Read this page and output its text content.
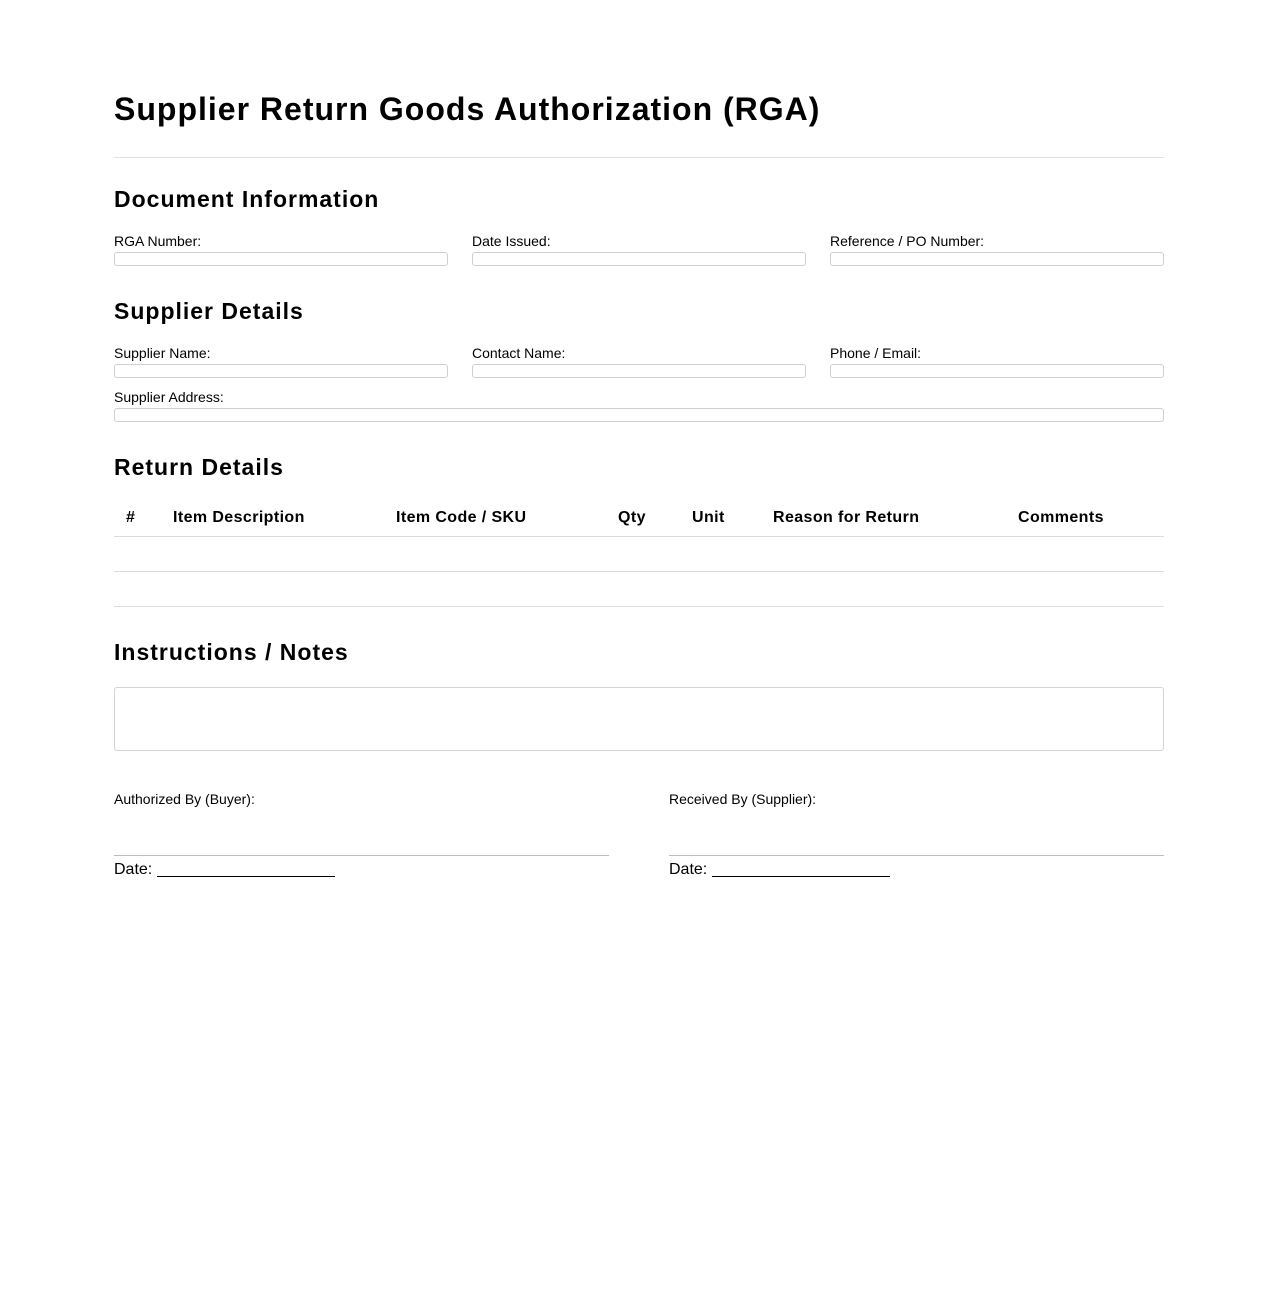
Supplier Return Goods Authorization (RGA)
Document Information
RGA Number:	Date Issued:	Reference / PO Number:
Supplier Details
Supplier Name:	Contact Name:	Phone / Email:
Supplier Address:
Return Details
#	Item Description	Item Code / SKU	Qty	Unit	Reason for Return	Comments

Instructions / Notes
Authorized By (Buyer):
Date:
Received By (Supplier):
Date:
